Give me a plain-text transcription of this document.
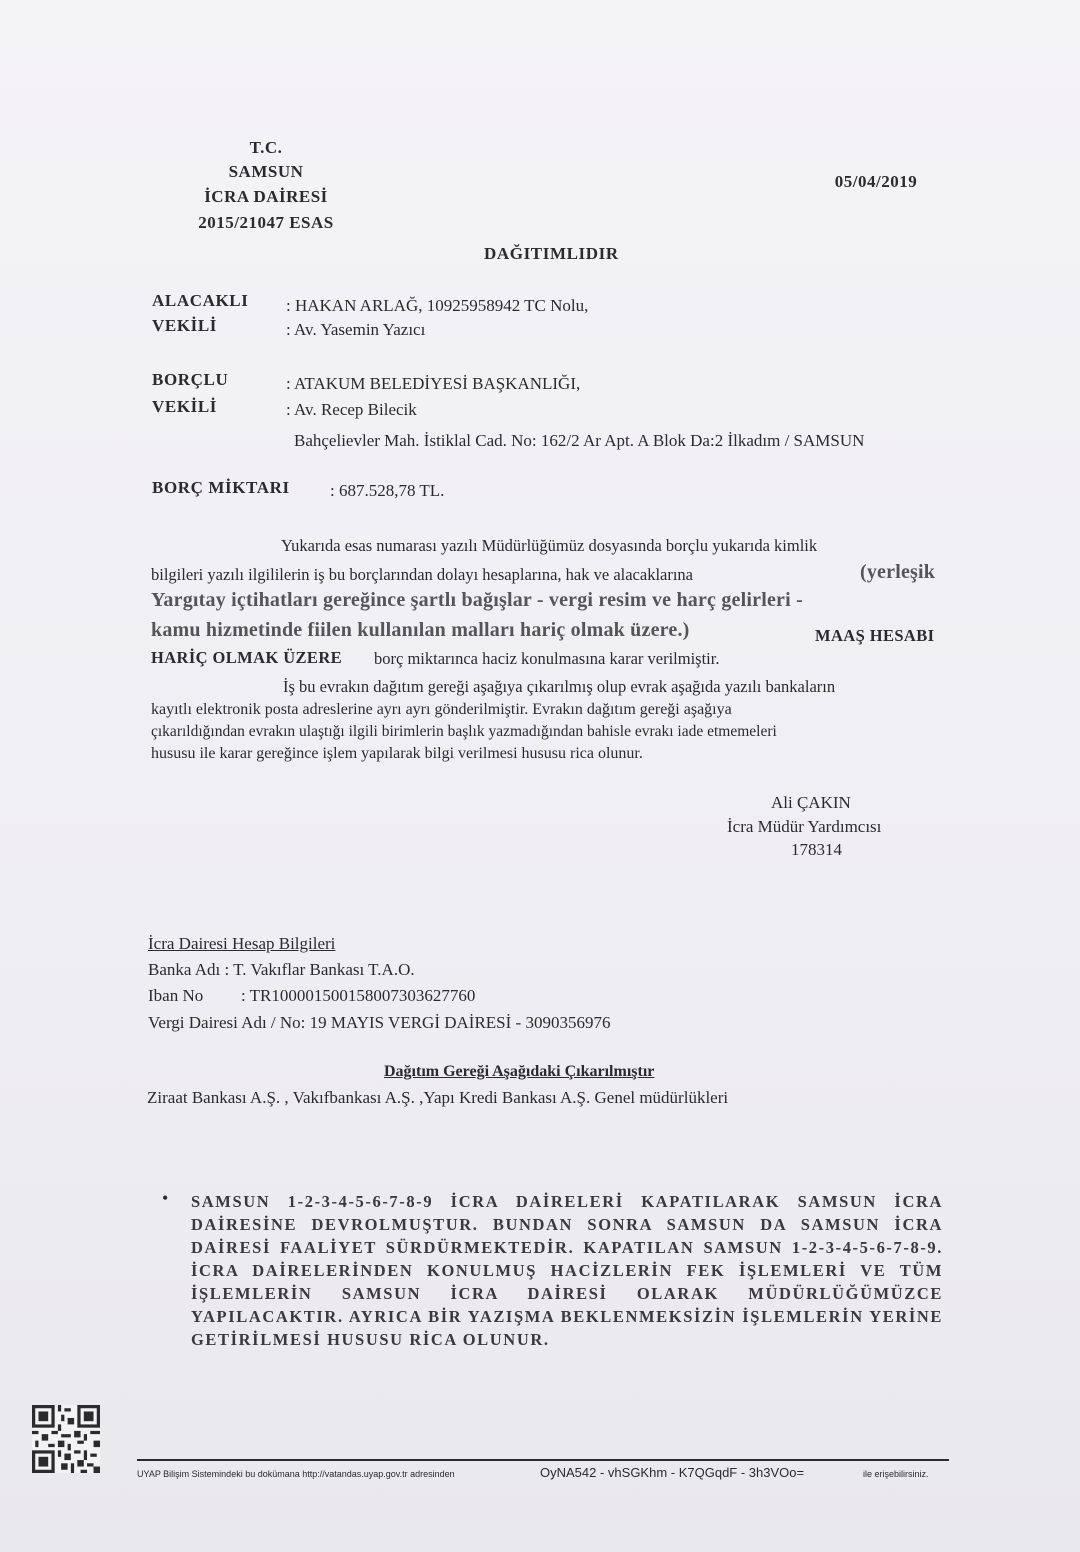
T.C.
SAMSUN
İCRA DAİRESİ
2015/21047 ESAS
05/04/2019
DAĞITIMLIDIR
ALACAKLI : HAKAN ARLAĞ, 10925958942 TC Nolu,
VEKİLİ	: Av. Yasemin Yazıcı
BORÇLU	: ATAKUM BELEDİYESİ BAŞKANLIĞI,
VEKİLİ	: Av. Recep Bilecik
Bahçelievler Mah. İstiklal Cad. No: 162/2 Ar Apt. A Blok Da:2 İlkadım / SAMSUN
BORÇ MİKTARI : 687.528,78 TL.
Yukarıda esas numarası yazılı Müdürlüğümüz dosyasında borçlu yukarıda kimlik
bilgileri yazılı ilgililerin iş bu borçlarından dolayı hesaplarına, hak ve alacaklarına	(yerleşik
Yargıtay içtihatları gereğince şartlı bağışlar - vergi resim ve harç gelirleri -
kamu hizmetinde fiilen kullanılan malları hariç olmak üzere.)	MAAŞ HESABI
HARİÇ OLMAK ÜZERE borç miktarınca haciz konulmasına karar verilmiştir.
İş bu evrakın dağıtım gereği aşağıya çıkarılmış olup evrak aşağıda yazılı bankaların
kayıtlı elektronik posta adreslerine ayrı ayrı gönderilmiştir. Evrakın dağıtım gereği aşağıya
çıkarıldığından evrakın ulaştığı ilgili birimlerin başlık yazmadığından bahisle evrakı iade etmemeleri
hususu ile karar gereğince işlem yapılarak bilgi verilmesi hususu rica olunur.
Ali ÇAKIN
İcra Müdür Yardımcısı
178314
İcra Dairesi Hesap Bilgileri
Banka Adı : T. Vakıflar Bankası T.A.O.
Iban No : TR100001500158007303627760
Vergi Dairesi Adı / No: 19 MAYIS VERGİ DAİRESİ - 3090356976
Dağıtım Gereği Aşağıdaki Çıkarılmıştır
Ziraat Bankası A.Ş. , Vakıfbankası A.Ş. ,Yapı Kredi Bankası A.Ş. Genel müdürlükleri
• SAMSUN 1-2-3-4-5-6-7-8-9 İCRA DAİRELERİ KAPATILARAK SAMSUN İCRA DAİRESİNE DEVROLMUŞTUR. BUNDAN SONRA SAMSUN DA SAMSUN İCRA DAİRESİ FAALİYET SÜRDÜRMEKTEDİR. KAPATILAN SAMSUN 1-2-3-4-5-6-7-8-9. İCRA DAİRELERİNDEN KONULMUŞ HACİZLERİN FEK İŞLEMLERİ VE TÜM İŞLEMLERİN SAMSUN İCRA DAİRESİ OLARAK MÜDÜRLÜĞÜMÜZCE YAPILACAKTIR. AYRICA BİR YAZIŞMA BEKLENMEKSİZİN İŞLEMLERİN YERİNE GETİRİLMESİ HUSUSU RİCA OLUNUR.
UYAP Bilişim Sistemindeki bu dokümana http://vatandas.uyap.gov.tr adresinden	OyNA542 - vhSGKhm - K7QGqdF - 3h3VOo=	ile erişebilirsiniz.
